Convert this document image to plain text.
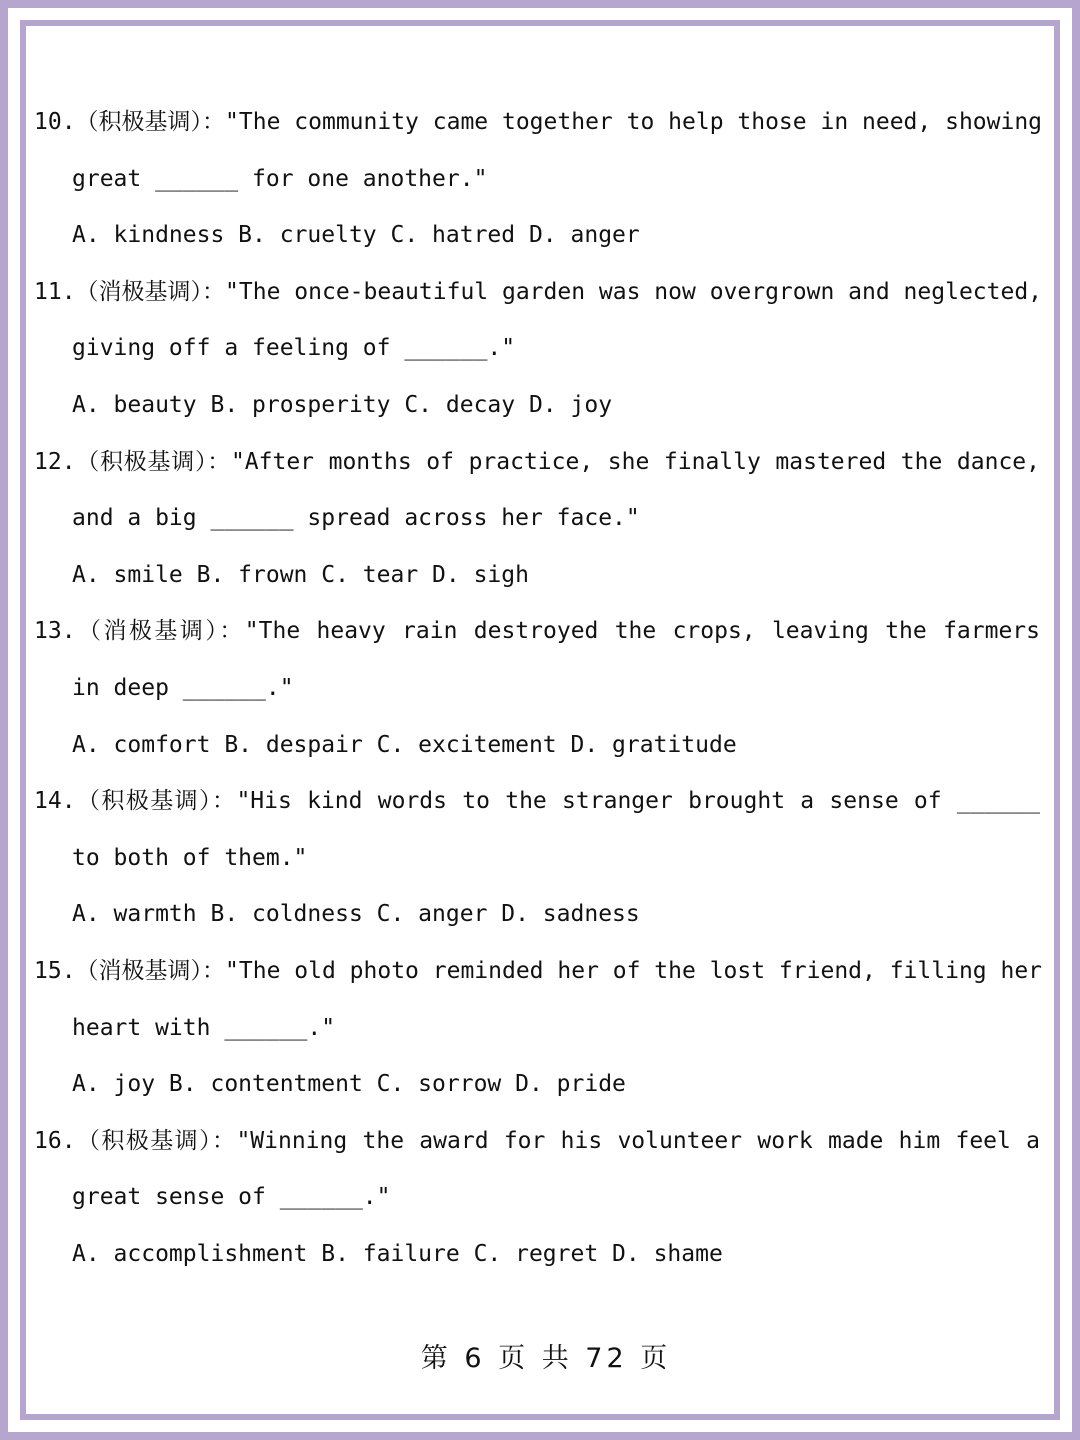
10.（积极基调）："The community came together to help those in need, showing
great ______ for one another."
A. kindness B. cruelty C. hatred D. anger
11.（消极基调）："The once-beautiful garden was now overgrown and neglected,
giving off a feeling of ______."
A. beauty B. prosperity C. decay D. joy
12.（积极基调）："After months of practice, she finally mastered the dance,
and a big ______ spread across her face."
A. smile B. frown C. tear D. sigh
13.（消极基调）："The heavy rain destroyed the crops, leaving the farmers
in deep ______."
A. comfort B. despair C. excitement D. gratitude
14.（积极基调）："His kind words to the stranger brought a sense of ______
to both of them."
A. warmth B. coldness C. anger D. sadness
15.（消极基调）："The old photo reminded her of the lost friend, filling her
heart with ______."
A. joy B. contentment C. sorrow D. pride
16.（积极基调）："Winning the award for his volunteer work made him feel a
great sense of ______."
A. accomplishment B. failure C. regret D. shame
第 6 页 共 72 页
